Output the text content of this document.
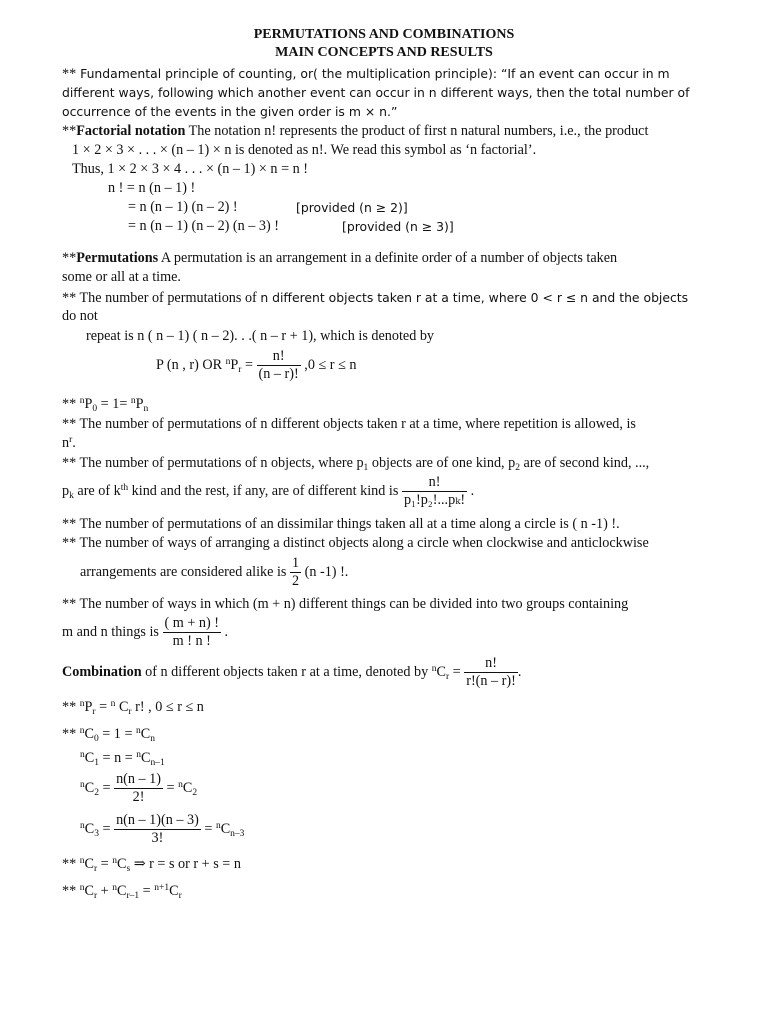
PERMUTATIONS AND COMBINATIONS
MAIN CONCEPTS AND RESULTS
** Fundamental principle of counting, or( the multiplication principle): “If an event can occur in m
different ways, following which another event can occur in n different ways, then the total number of
occurrence of the events in the given order is m × n.”
**Factorial notation The notation n! represents the product of first n natural numbers, i.e., the product
1 × 2 × 3 × . . . × (n – 1) × n is denoted as n!. We read this symbol as ‘n factorial’.
Thus, 1 × 2 × 3 × 4 . . . × (n – 1) × n = n !
n ! = n (n – 1) !
= n (n – 1) (n – 2) !	[provided (n ≥ 2)]
= n (n – 1) (n – 2) (n – 3) !	[provided (n ≥ 3)]
**Permutations A permutation is an arrangement in a definite order of a number of objects taken
some or all at a time.
** The number of permutations of n different objects taken r at a time, where 0 < r ≤ n and the objects
do not
repeat is n ( n – 1) ( n – 2). . .( n – r + 1), which is denoted by
P (n , r) OR $^nP_r = \frac{n!}{(n - r)!} ,0 \le r \le n$
** $^nP_0 = 1= ^nP_n$
** The number of permutations of n different objects taken r at a time, where repetition is allowed, is
$n^r$.
** The number of permutations of n objects, where $p_1$ objects are of one kind, $p_2$ are of second kind, ...,
$p_k$ are of $k^{th}$ kind and the rest, if any, are of different kind is $\frac{n!}{\text{p₁!p₂!...pₖ!}}$ .
** The number of permutations of an dissimilar things taken all at a time along a circle is ( n -1) !.
** The number of ways of arranging a distinct objects along a circle when clockwise and anticlockwise
arrangements are considered alike is $\frac{1}{2} (n$ -1) !.
** The number of ways in which (m + n) different things can be divided into two groups containing
m and n things is $\frac{( m + n) !}{m ! n !}$ .
Combination of n different objects taken r at a time, denoted by $^nC_r = \frac{n!}{r!(n - r)!}$ .
** $^nP_r = ^n$ $C_r$ r! , 0 ≤ r ≤ n
** $^nC_0 = 1 = ^nC_n$
$^nC_1 = n = ^nC_{n-1}$
$^nC_2 = \frac{n(n - 1)}{2!} = ^nC_2$
$^nC_3 = \frac{n(n - 1)(n - 3)}{3!} = ^nC_{n-3}$
** $^nC_r = ^nC_s$ ⇒ r = s or r + s = n
** $^nC_r + ^nC_{r-1} = ^{n+1}C_r$
